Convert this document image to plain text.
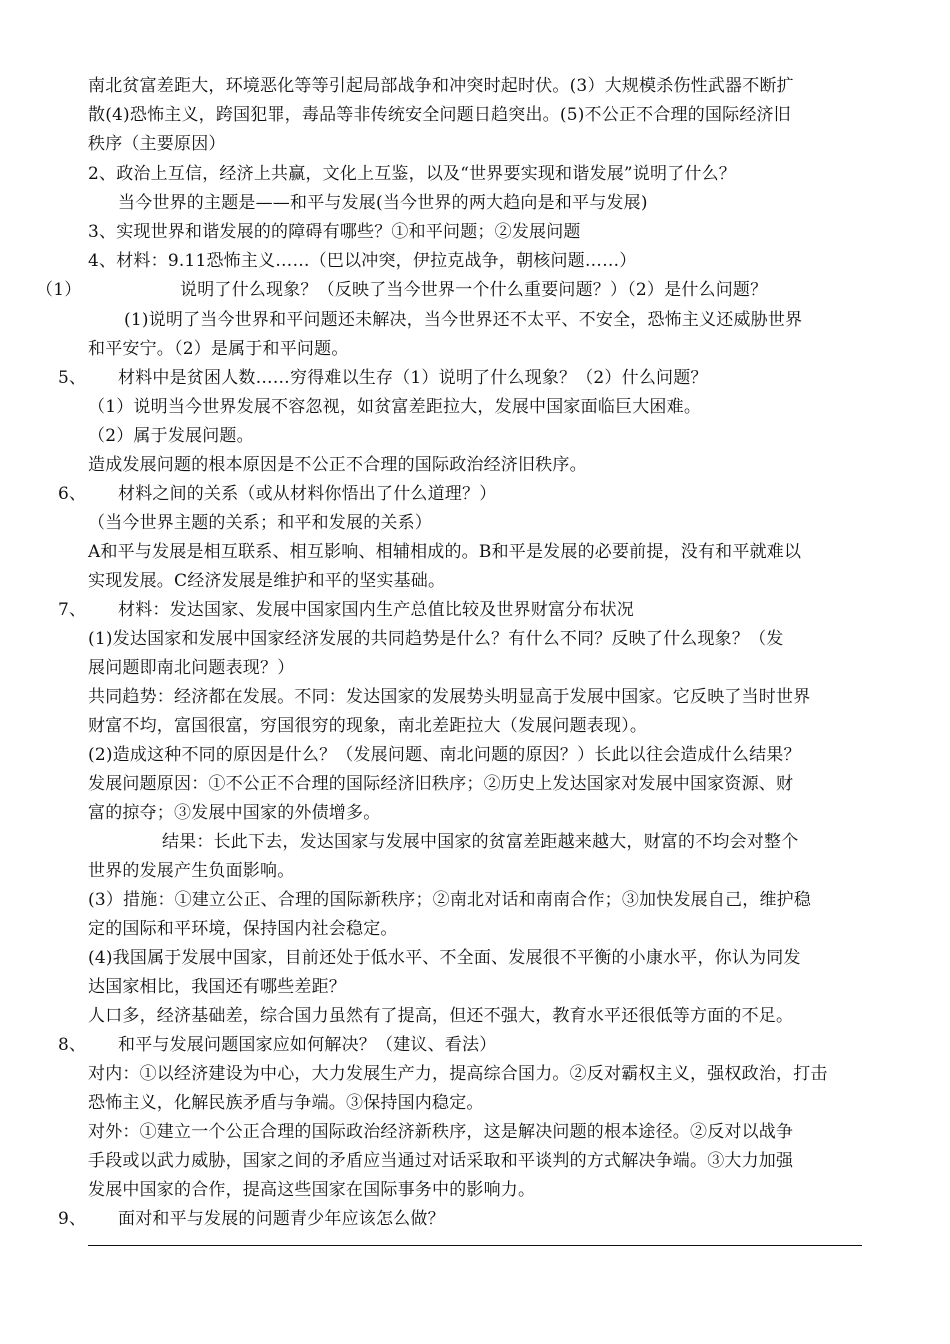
南北贫富差距大，环境恶化等等引起局部战争和冲突时起时伏。(3）大规模杀伤性武器不断扩
散(4)恐怖主义，跨国犯罪，毒品等非传统安全问题日趋突出。(5)不公正不合理的国际经济旧
秩序（主要原因）
2、政治上互信，经济上共赢，文化上互鉴，以及“世界要实现和谐发展”说明了什么？
当今世界的主题是——和平与发展(当今世界的两大趋向是和平与发展)
3、实现世界和谐发展的的障碍有哪些？①和平问题；②发展问题
4、材料：9.11恐怖主义……（巴以冲突，伊拉克战争，朝核问题……）
（1）	说明了什么现象？（反映了当今世界一个什么重要问题？）（2）是什么问题？
(1)说明了当今世界和平问题还未解决，当今世界还不太平、不安全，恐怖主义还威胁世界
和平安宁。（2）是属于和平问题。
5、 材料中是贫困人数……穷得难以生存（1）说明了什么现象？（2）什么问题？
（1）说明当今世界发展不容忽视，如贫富差距拉大，发展中国家面临巨大困难。
（2）属于发展问题。
造成发展问题的根本原因是不公正不合理的国际政治经济旧秩序。
6、 材料之间的关系（或从材料你悟出了什么道理？）
（当今世界主题的关系；和平和发展的关系）
A和平与发展是相互联系、相互影响、相辅相成的。B和平是发展的必要前提，没有和平就难以
实现发展。C经济发展是维护和平的坚实基础。
7、 材料：发达国家、发展中国家国内生产总值比较及世界财富分布状况
(1)发达国家和发展中国家经济发展的共同趋势是什么？有什么不同？反映了什么现象？（发
展问题即南北问题表现？）
共同趋势：经济都在发展。不同：发达国家的发展势头明显高于发展中国家。它反映了当时世界
财富不均，富国很富，穷国很穷的现象，南北差距拉大（发展问题表现）。
(2)造成这种不同的原因是什么？（发展问题、南北问题的原因？）长此以往会造成什么结果？
发展问题原因：①不公正不合理的国际经济旧秩序；②历史上发达国家对发展中国家资源、财
富的掠夺；③发展中国家的外债增多。
结果：长此下去，发达国家与发展中国家的贫富差距越来越大，财富的不均会对整个
世界的发展产生负面影响。
(3）措施：①建立公正、合理的国际新秩序；②南北对话和南南合作；③加快发展自己，维护稳
定的国际和平环境，保持国内社会稳定。
(4)我国属于发展中国家，目前还处于低水平、不全面、发展很不平衡的小康水平，你认为同发
达国家相比，我国还有哪些差距？
人口多，经济基础差，综合国力虽然有了提高，但还不强大，教育水平还很低等方面的不足。
8、 和平与发展问题国家应如何解决？（建议、看法）
对内：①以经济建设为中心，大力发展生产力，提高综合国力。②反对霸权主义，强权政治，打击
恐怖主义，化解民族矛盾与争端。③保持国内稳定。
对外：①建立一个公正合理的国际政治经济新秩序，这是解决问题的根本途径。②反对以战争
手段或以武力威胁，国家之间的矛盾应当通过对话采取和平谈判的方式解决争端。③大力加强
发展中国家的合作，提高这些国家在国际事务中的影响力。
9、 面对和平与发展的问题青少年应该怎么做？
